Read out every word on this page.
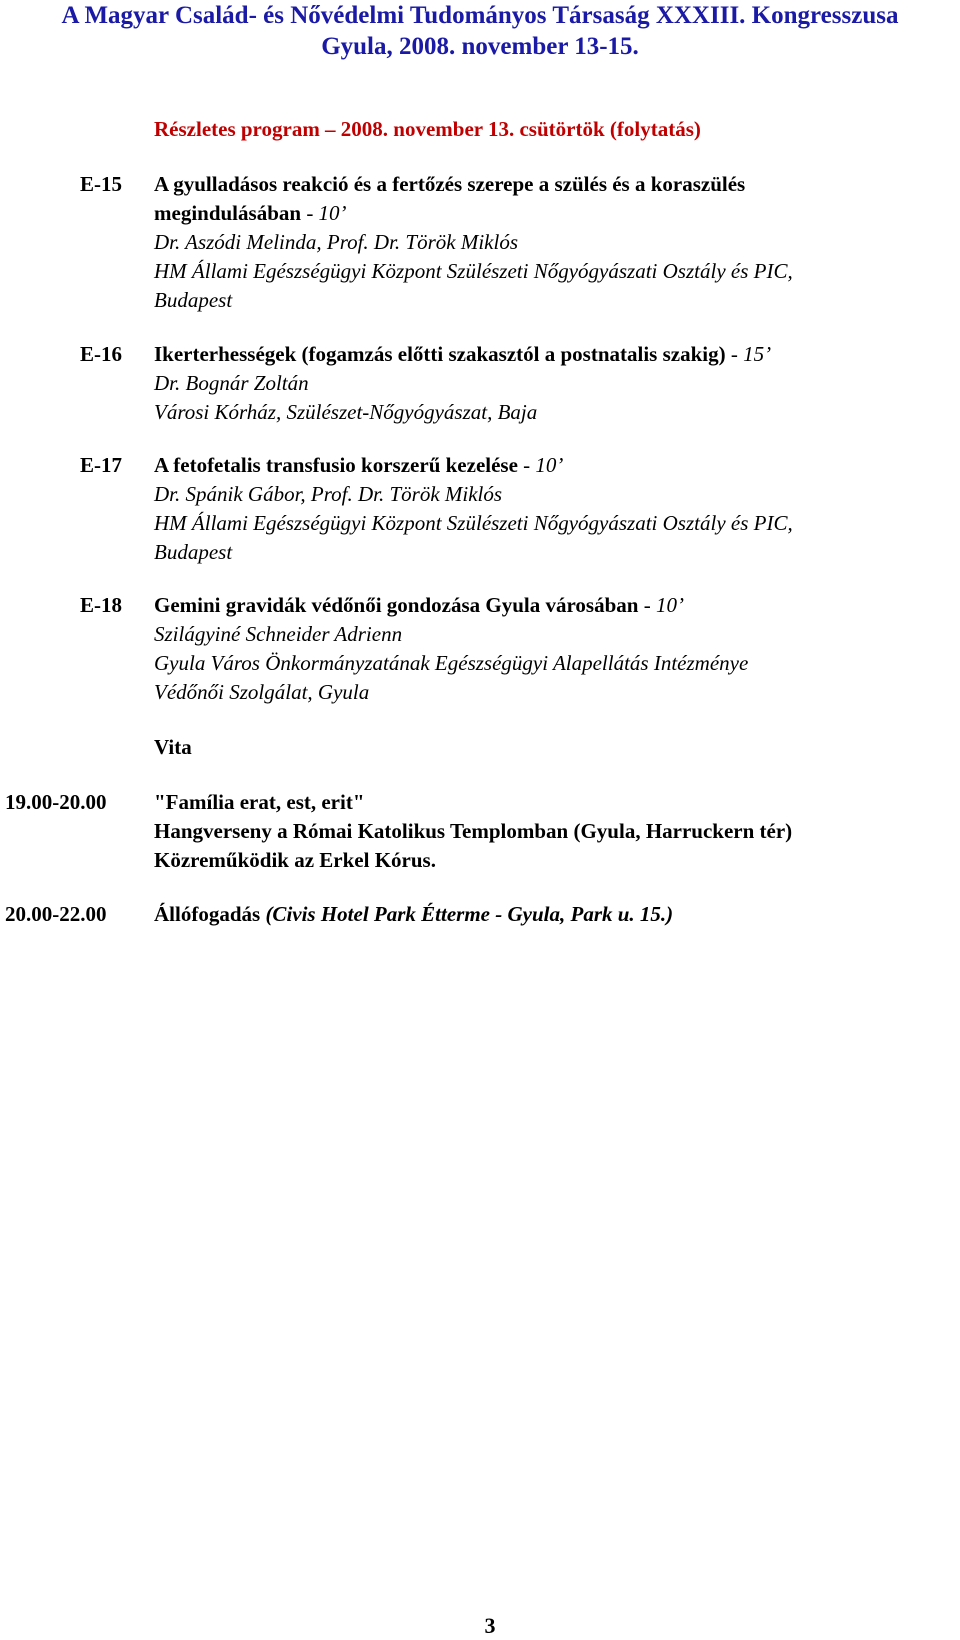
A Magyar Család- és Nővédelmi Tudományos Társaság XXXIII. Kongresszusa
Gyula, 2008. november 13-15.
Részletes program – 2008. november 13. csütörtök (folytatás)
E-15 A gyulladásos reakció és a fertőzés szerepe a szülés és a koraszülés
megindulásában - 10’
Dr. Aszódi Melinda, Prof. Dr. Török Miklós
HM Állami Egészségügyi Központ Szülészeti Nőgyógyászati Osztály és PIC,
Budapest
E-16 Ikerterhességek (fogamzás előtti szakasztól a postnatalis szakig) - 15’
Dr. Bognár Zoltán
Városi Kórház, Szülészet-Nőgyógyászat, Baja
E-17 A fetofetalis transfusio korszerű kezelése - 10’
Dr. Spánik Gábor, Prof. Dr. Török Miklós
HM Állami Egészségügyi Központ Szülészeti Nőgyógyászati Osztály és PIC,
Budapest
E-18 Gemini gravidák védőnői gondozása Gyula városában - 10’
Szilágyiné Schneider Adrienn
Gyula Város Önkormányzatának Egészségügyi Alapellátás Intézménye
Védőnői Szolgálat, Gyula
Vita
19.00-20.00 "Família erat, est, erit"
Hangverseny a Római Katolikus Templomban (Gyula, Harruckern tér)
Közreműködik az Erkel Kórus.
20.00-22.00 Állófogadás (Civis Hotel Park Étterme - Gyula, Park u. 15.)
3
